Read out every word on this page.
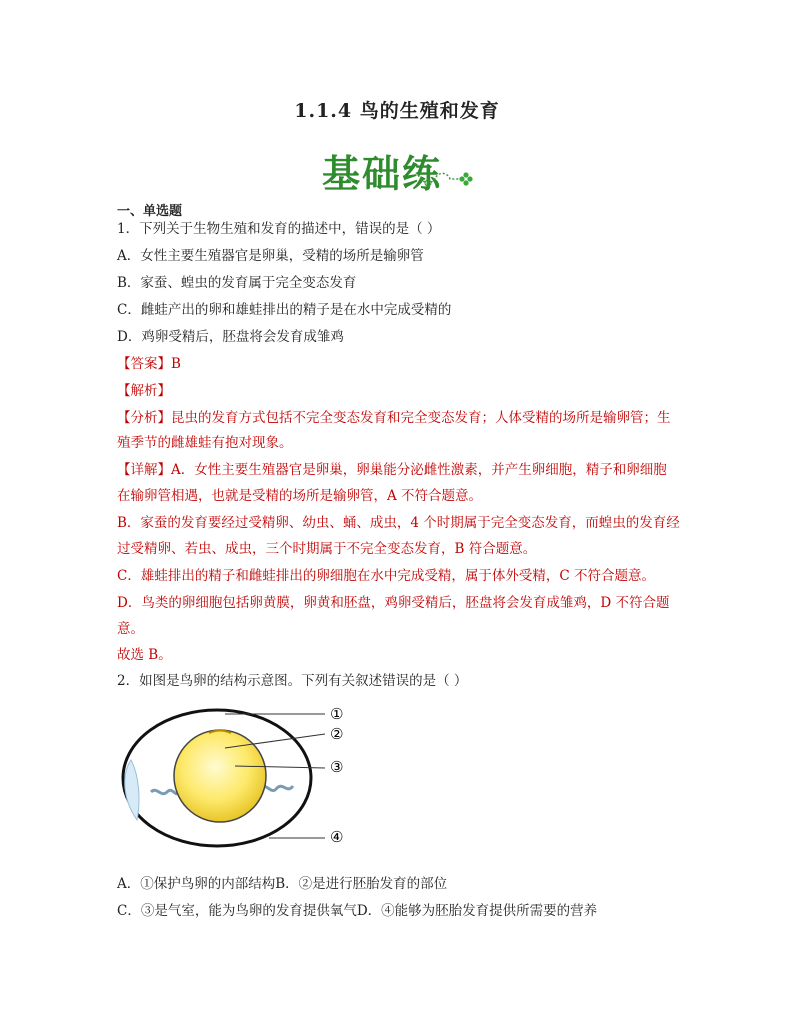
1.1.4 鸟的生殖和发育
基础练
一、单选题
1．下列关于生物生殖和发育的描述中，错误的是（ ）
A．女性主要生殖器官是卵巢，受精的场所是输卵管
B．家蚕、蝗虫的发育属于完全变态发育
C．雌蛙产出的卵和雄蛙排出的精子是在水中完成受精的
D．鸡卵受精后，胚盘将会发育成雏鸡
【答案】B
【解析】
【分析】昆虫的发育方式包括不完全变态发育和完全变态发育；人体受精的场所是输卵管；生
殖季节的雌雄蛙有抱对现象。
【详解】A．女性主要生殖器官是卵巢，卵巢能分泌雌性激素，并产生卵细胞，精子和卵细胞
在输卵管相遇，也就是受精的场所是输卵管，A 不符合题意。
B．家蚕的发育要经过受精卵、幼虫、蛹、成虫，4 个时期属于完全变态发育，而蝗虫的发育经
过受精卵、若虫、成虫，三个时期属于不完全变态发育，B 符合题意。
C．雄蛙排出的精子和雌蛙排出的卵细胞在水中完成受精，属于体外受精，C 不符合题意。
D．鸟类的卵细胞包括卵黄膜，卵黄和胚盘，鸡卵受精后，胚盘将会发育成雏鸡，D 不符合题
意。
故选 B。
2．如图是鸟卵的结构示意图。下列有关叙述错误的是（ ）
①
②
③
④
A．①保护鸟卵的内部结构B．②是进行胚胎发育的部位
C．③是气室，能为鸟卵的发育提供氧气D．④能够为胚胎发育提供所需要的营养
